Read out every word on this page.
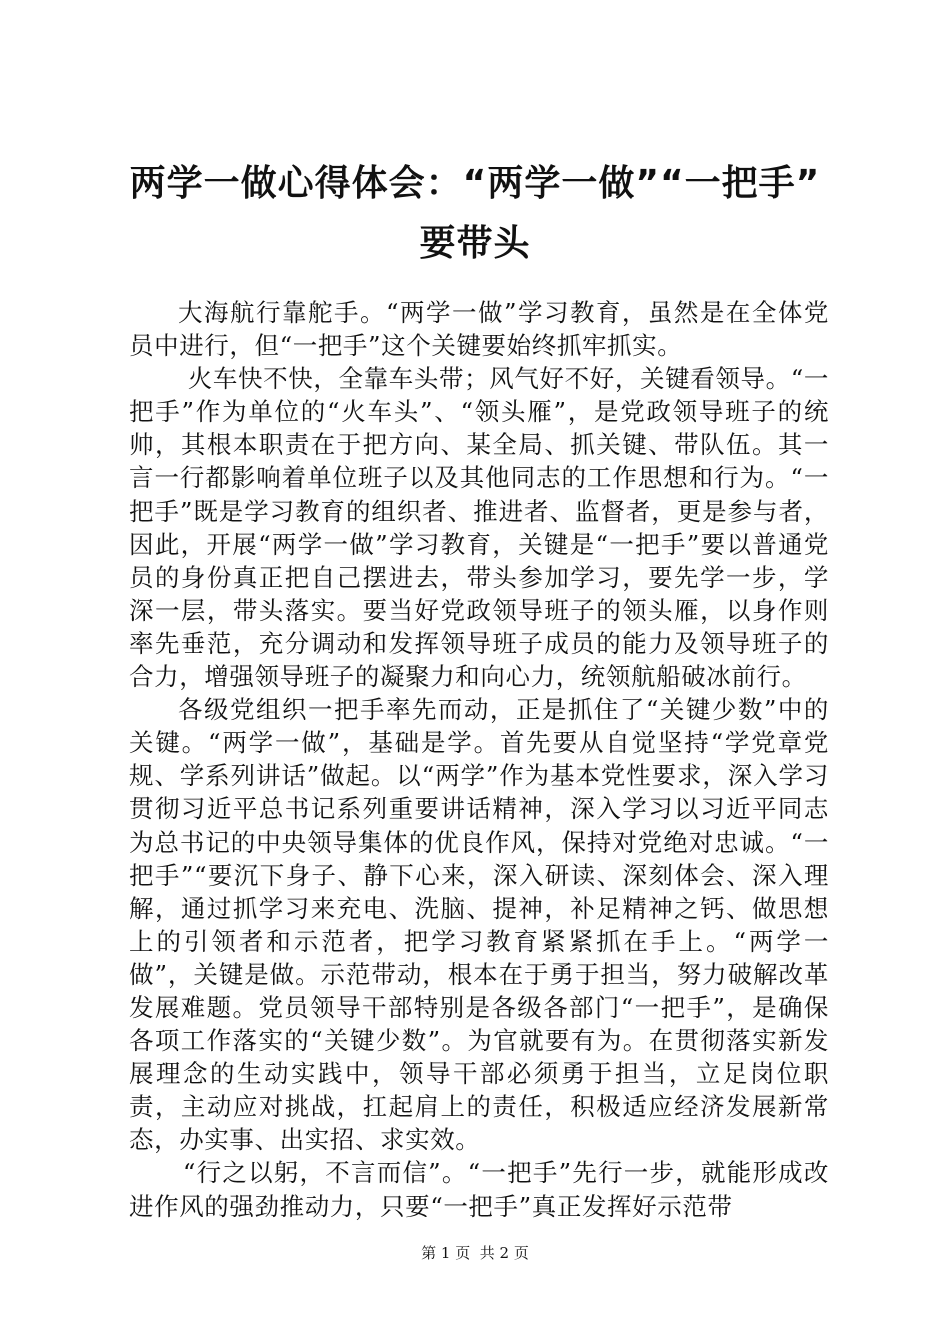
两学一做心得体会：“两学一做”“一把手”
要带头

大海航行靠舵手。“两学一做”学习教育，虽然是在全体党员中进行，但“一把手”这个关键要始终抓牢抓实。

火车快不快，全靠车头带；风气好不好，关键看领导。“一把手”作为单位的“火车头”、“领头雁”，是党政领导班子的统帅，其根本职责在于把方向、某全局、抓关键、带队伍。其一言一行都影响着单位班子以及其他同志的工作思想和行为。“一把手”既是学习教育的组织者、推进者、监督者，更是参与者，因此，开展“两学一做”学习教育，关键是“一把手”要以普通党员的身份真正把自己摆进去，带头参加学习，要先学一步，学深一层，带头落实。要当好党政领导班子的领头雁，以身作则率先垂范，充分调动和发挥领导班子成员的能力及领导班子的合力，增强领导班子的凝聚力和向心力，统领航船破冰前行。

各级党组织一把手率先而动，正是抓住了“关键少数”中的关键。“两学一做”，基础是学。首先要从自觉坚持“学党章党规、学系列讲话”做起。以“两学”作为基本党性要求，深入学习贯彻习近平总书记系列重要讲话精神，深入学习以习近平同志为总书记的中央领导集体的优良作风，保持对党绝对忠诚。“一把手”“要沉下身子、静下心来，深入研读、深刻体会、深入理解，通过抓学习来充电、洗脑、提神，补足精神之钙、做思想上的引领者和示范者，把学习教育紧紧抓在手上。“两学一做”，关键是做。示范带动，根本在于勇于担当，努力破解改革发展难题。党员领导干部特别是各级各部门“一把手”，是确保各项工作落实的“关键少数”。为官就要有为。在贯彻落实新发展理念的生动实践中，领导干部必须勇于担当，立足岗位职责，主动应对挑战，扛起肩上的责任，积极适应经济发展新常态，办实事、出实招、求实效。

“行之以躬，不言而信”。“一把手”先行一步，就能形成改进作风的强劲推动力，只要“一把手”真正发挥好示范带

第 1 页  共 2 页
